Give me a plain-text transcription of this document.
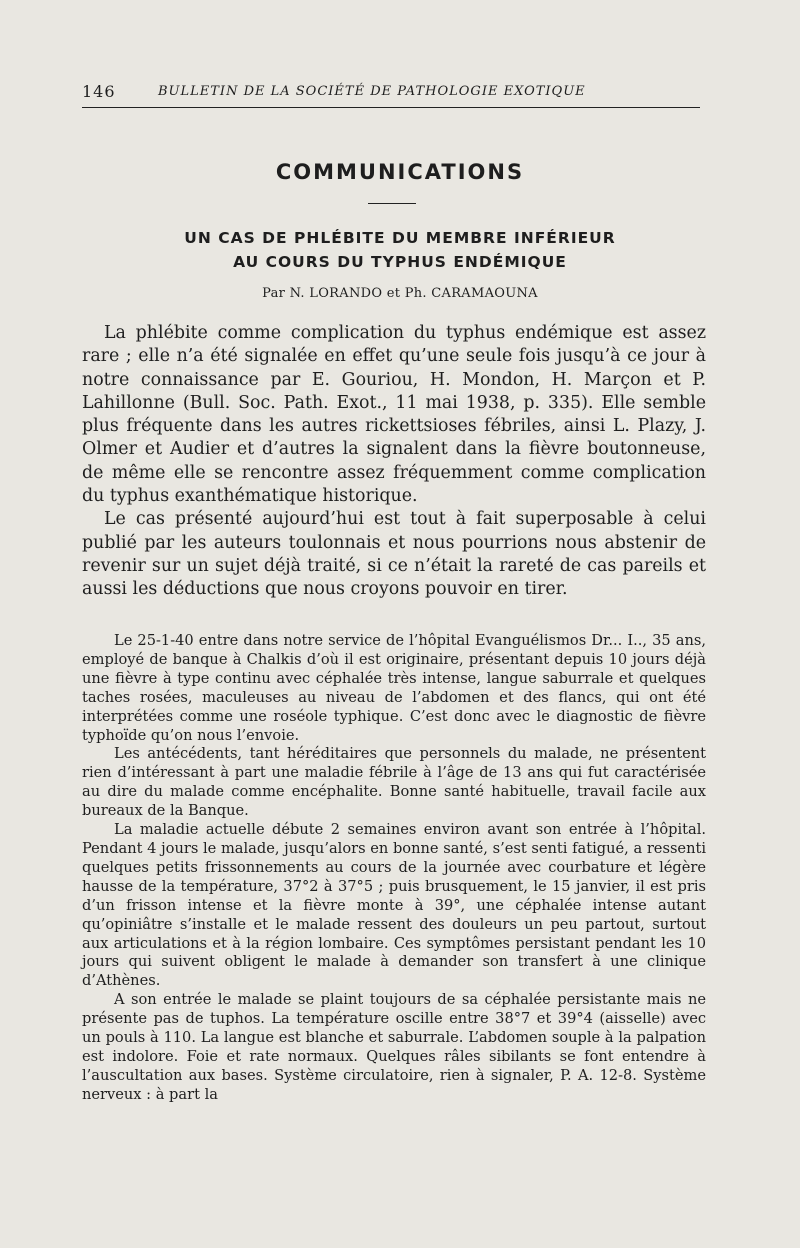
146	BULLETIN DE LA SOCIÉTÉ DE PATHOLOGIE EXOTIQUE
COMMUNICATIONS
UN CAS DE PHLÉBITE DU MEMBRE INFÉRIEUR
AU COURS DU TYPHUS ENDÉMIQUE
Par N. LORANDO et Ph. CARAMAOUNA

La phlébite comme complication du typhus endémique est assez rare ; elle n’a été signalée en effet qu’une seule fois jusqu’à ce jour à notre connaissance par E. Gouriou, H. Mondon, H. Marçon et P. Lahillonne (Bull. Soc. Path. Exot., 11 mai 1938, p. 335). Elle semble plus fréquente dans les autres rickettsioses fébriles, ainsi L. Plazy, J. Olmer et Audier et d’autres la signalent dans la fièvre boutonneuse, de même elle se rencontre assez fréquemment comme complication du typhus exanthématique historique.

Le cas présenté aujourd’hui est tout à fait superposable à celui publié par les auteurs toulonnais et nous pourrions nous abstenir de revenir sur un sujet déjà traité, si ce n’était la rareté de cas pareils et aussi les déductions que nous croyons pouvoir en tirer.

Le 25-1-40 entre dans notre service de l’hôpital Evanguélismos Dr... I.., 35 ans, employé de banque à Chalkis d’où il est originaire, présentant depuis 10 jours déjà une fièvre à type continu avec céphalée très intense, langue saburrale et quelques taches rosées, maculeuses au niveau de l’abdomen et des flancs, qui ont été interprétées comme une roséole typhique. C’est donc avec le diagnostic de fièvre typhoïde qu’on nous l’envoie.

Les antécédents, tant héréditaires que personnels du malade, ne présentent rien d’intéressant à part une maladie fébrile à l’âge de 13 ans qui fut caractérisée au dire du malade comme encéphalite. Bonne santé habituelle, travail facile aux bureaux de la Banque.

La maladie actuelle débute 2 semaines environ avant son entrée à l’hôpital. Pendant 4 jours le malade, jusqu’alors en bonne santé, s’est senti fatigué, a ressenti quelques petits frissonnements au cours de la journée avec courbature et légère hausse de la température, 37°2 à 37°5 ; puis brusquement, le 15 janvier, il est pris d’un frisson intense et la fièvre monte à 39°, une céphalée intense autant qu’opiniâtre s’installe et le malade ressent des douleurs un peu partout, surtout aux articulations et à la région lombaire. Ces symptômes persistant pendant les 10 jours qui suivent obligent le malade à demander son transfert à une clinique d’Athènes.

A son entrée le malade se plaint toujours de sa céphalée persistante mais ne présente pas de tuphos. La température oscille entre 38°7 et 39°4 (aisselle) avec un pouls à 110. La langue est blanche et saburrale. L’abdomen souple à la palpation est indolore. Foie et rate normaux. Quelques râles sibilants se font entendre à l’auscultation aux bases. Système circulatoire, rien à signaler, P. A. 12-8. Système nerveux : à part la
